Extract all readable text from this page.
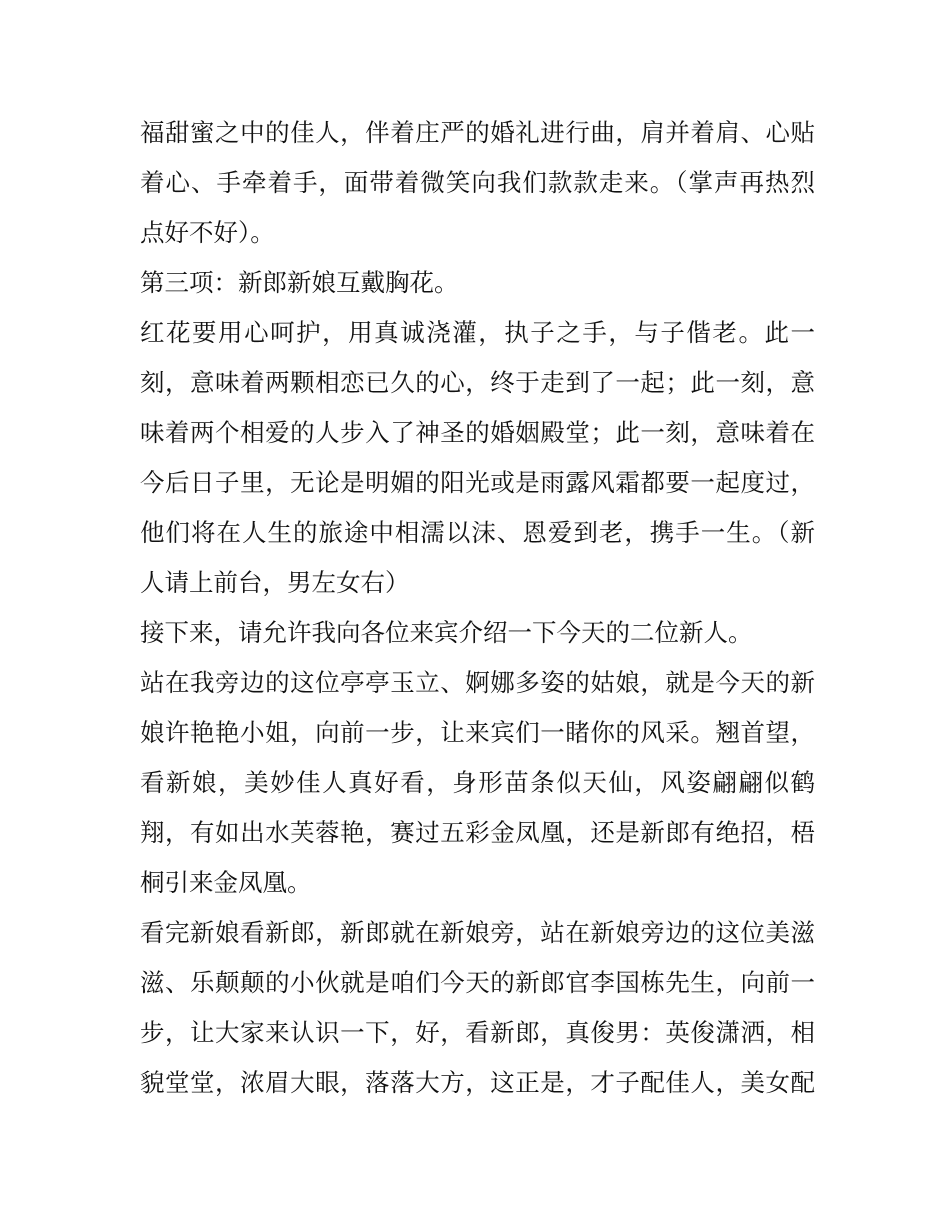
福甜蜜之中的佳人，伴着庄严的婚礼进行曲，肩并着肩、心贴
着心、手牵着手，面带着微笑向我们款款走来。（掌声再热烈
点好不好）。
第三项：新郎新娘互戴胸花。
红花要用心呵护，用真诚浇灌，执子之手，与子偕老。此一
刻，意味着两颗相恋已久的心，终于走到了一起；此一刻，意
味着两个相爱的人步入了神圣的婚姻殿堂；此一刻，意味着在
今后日子里，无论是明媚的阳光或是雨露风霜都要一起度过，
他们将在人生的旅途中相濡以沫、恩爱到老，携手一生。（新
人请上前台，男左女右）
接下来，请允许我向各位来宾介绍一下今天的二位新人。
站在我旁边的这位亭亭玉立、婀娜多姿的姑娘，就是今天的新
娘许艳艳小姐，向前一步，让来宾们一睹你的风采。翘首望，
看新娘，美妙佳人真好看，身形苗条似天仙，风姿翩翩似鹤
翔，有如出水芙蓉艳，赛过五彩金凤凰，还是新郎有绝招，梧
桐引来金凤凰。
看完新娘看新郎，新郎就在新娘旁，站在新娘旁边的这位美滋
滋、乐颠颠的小伙就是咱们今天的新郎官李国栋先生，向前一
步，让大家来认识一下，好，看新郎，真俊男：英俊潇洒，相
貌堂堂，浓眉大眼，落落大方，这正是，才子配佳人，美女配
